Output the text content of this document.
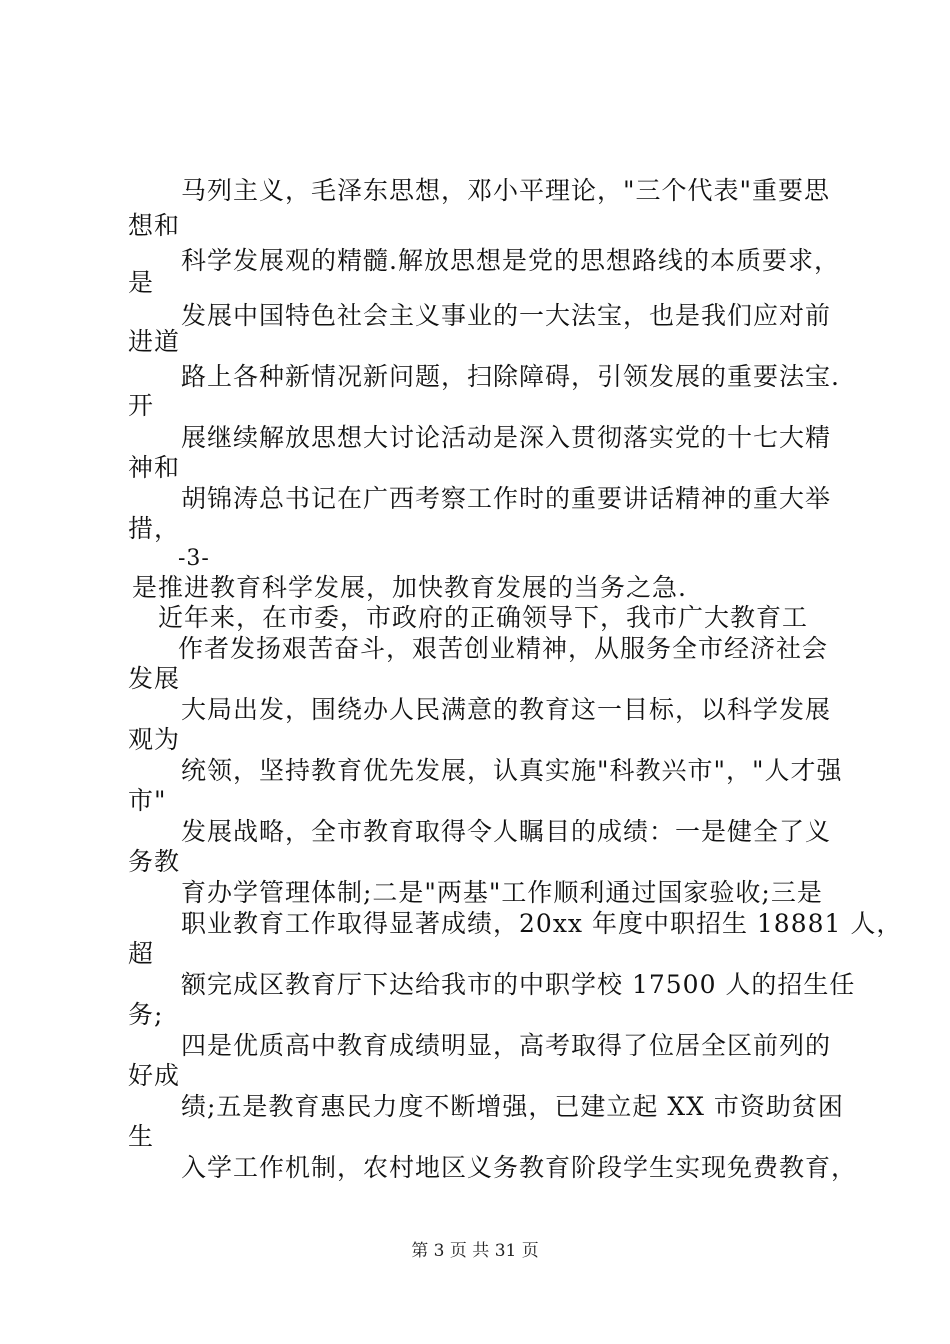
马列主义，毛泽东思想，邓小平理论，"三个代表"重要思
想和
科学发展观的精髓.解放思想是党的思想路线的本质要求，
是
发展中国特色社会主义事业的一大法宝，也是我们应对前
进道
路上各种新情况新问题，扫除障碍，引领发展的重要法宝.
开
展继续解放思想大讨论活动是深入贯彻落实党的十七大精
神和
胡锦涛总书记在广西考察工作时的重要讲话精神的重大举
措，
-3-
是推进教育科学发展，加快教育发展的当务之急.
近年来，在市委，市政府的正确领导下，我市广大教育工
作者发扬艰苦奋斗，艰苦创业精神，从服务全市经济社会
发展
大局出发，围绕办人民满意的教育这一目标，以科学发展
观为
统领，坚持教育优先发展，认真实施"科教兴市"，"人才强
市"
发展战略，全市教育取得令人瞩目的成绩：一是健全了义
务教
育办学管理体制;二是"两基"工作顺利通过国家验收;三是
职业教育工作取得显著成绩，20xx 年度中职招生 18881 人，
超
额完成区教育厅下达给我市的中职学校 17500 人的招生任
务;
四是优质高中教育成绩明显，高考取得了位居全区前列的
好成
绩;五是教育惠民力度不断增强，已建立起 XX 市资助贫困
生
入学工作机制，农村地区义务教育阶段学生实现免费教育，
第 3 页 共 31 页
